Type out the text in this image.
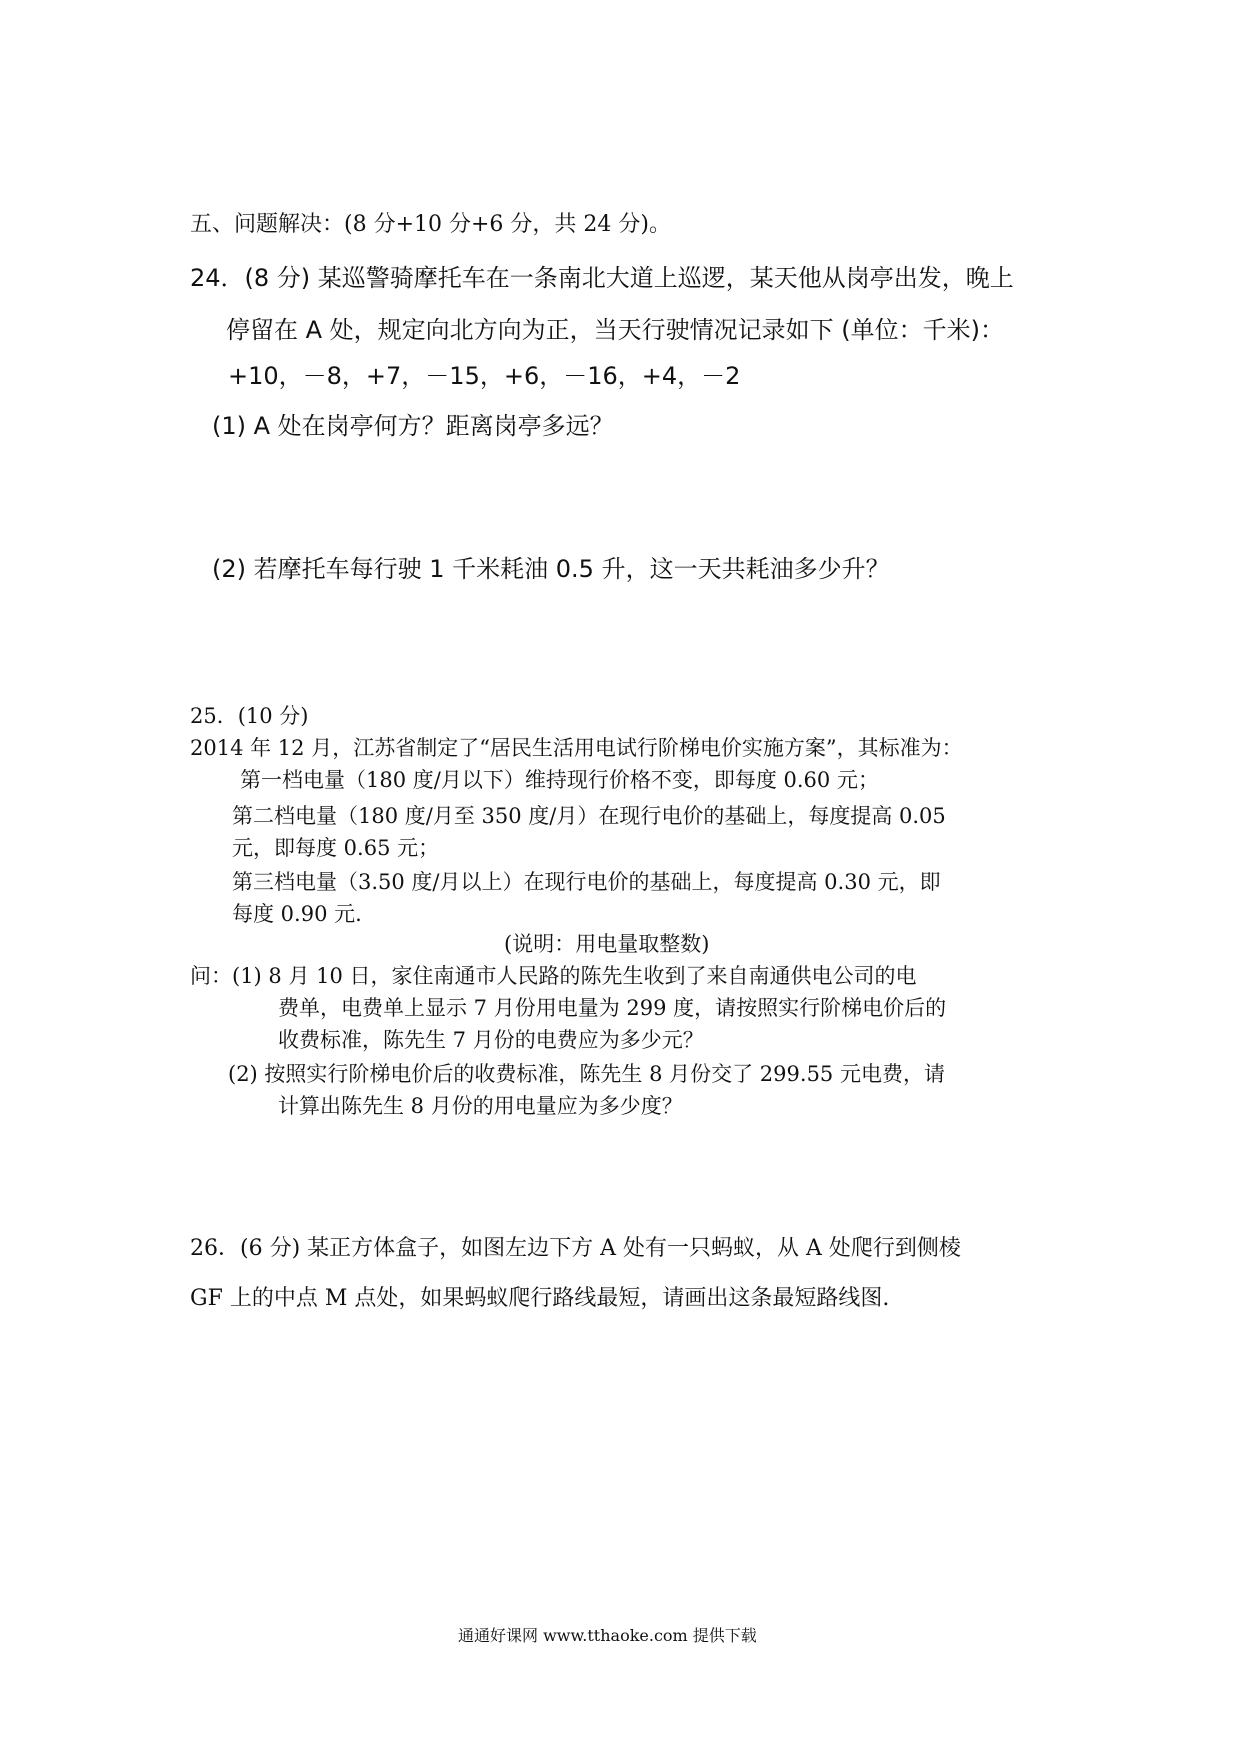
五、问题解决：(8 分+10 分+6 分，共 24 分)。
24．(8 分) 某巡警骑摩托车在一条南北大道上巡逻，某天他从岗亭出发，晚上
停留在 A 处，规定向北方向为正，当天行驶情况记录如下 (单位：千米)：
+10，－8，+7，－15，+6，－16，+4，－2
(1) A 处在岗亭何方？距离岗亭多远？
(2) 若摩托车每行驶 1 千米耗油 0.5 升，这一天共耗油多少升？
25．(10 分)
2014 年 12 月，江苏省制定了“居民生活用电试行阶梯电价实施方案”，其标准为：
第一档电量（180 度/月以下）维持现行价格不变，即每度 0.60 元；
第二档电量（180 度/月至 350 度/月）在现行电价的基础上，每度提高 0.05
元，即每度 0.65 元；
第三档电量（3.50 度/月以上）在现行电价的基础上，每度提高 0.30 元，即
每度 0.90 元.
(说明：用电量取整数)
问：(1) 8 月 10 日，家住南通市人民路的陈先生收到了来自南通供电公司的电
费单，电费单上显示 7 月份用电量为 299 度，请按照实行阶梯电价后的
收费标准，陈先生 7 月份的电费应为多少元？
(2) 按照实行阶梯电价后的收费标准，陈先生 8 月份交了 299.55 元电费，请
计算出陈先生 8 月份的用电量应为多少度？
26．(6 分) 某正方体盒子，如图左边下方 A 处有一只蚂蚁，从 A 处爬行到侧棱
GF 上的中点 M 点处，如果蚂蚁爬行路线最短，请画出这条最短路线图.
通通好课网 www.tthaoke.com 提供下载
